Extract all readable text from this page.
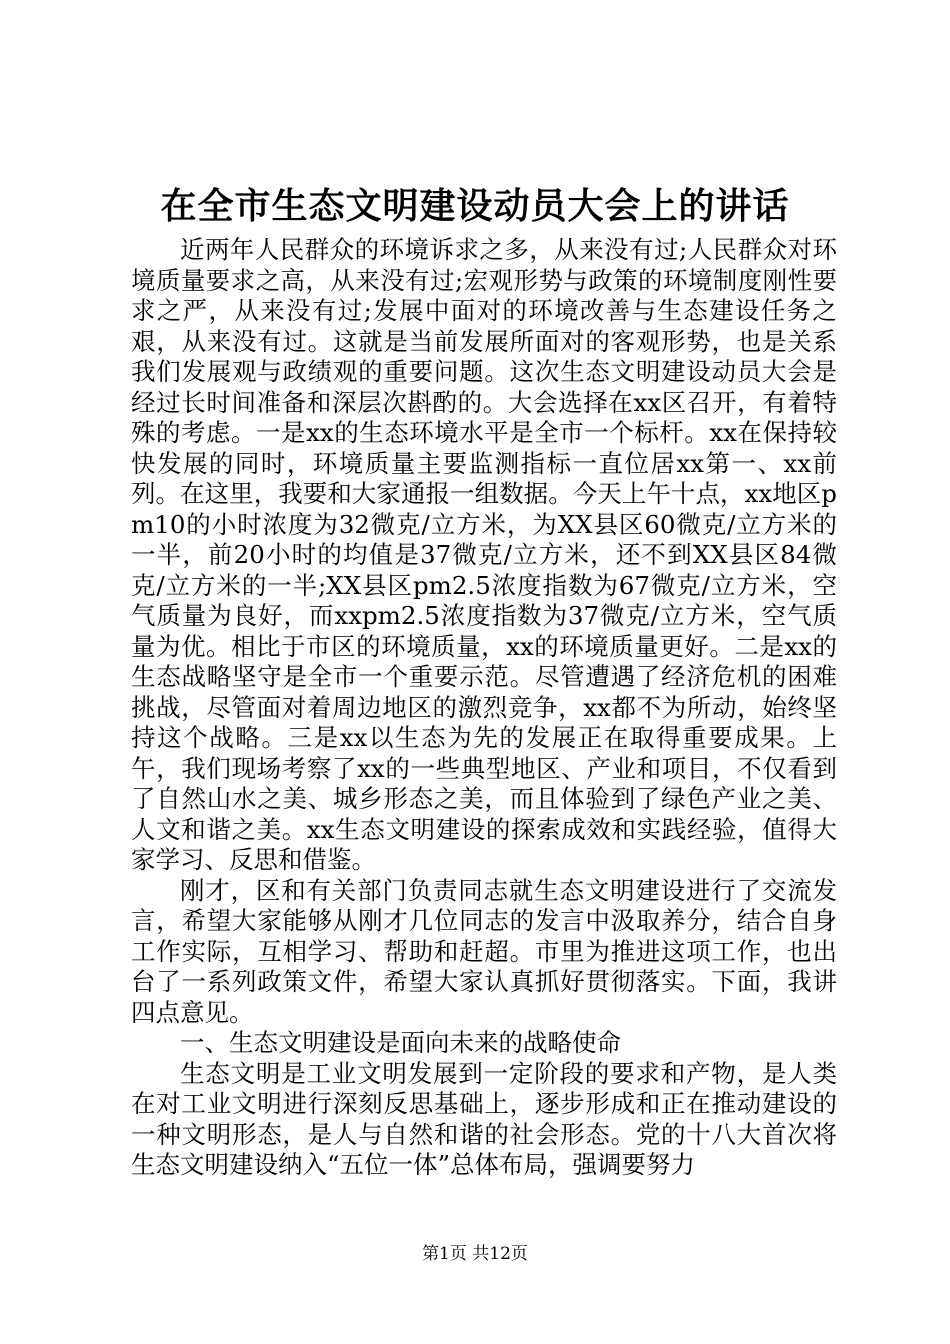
在全市生态文明建设动员大会上的讲话

近两年人民群众的环境诉求之多，从来没有过;人民群众对环境质量要求之高，从来没有过;宏观形势与政策的环境制度刚性要求之严，从来没有过;发展中面对的环境改善与生态建设任务之艰，从来没有过。这就是当前发展所面对的客观形势，也是关系我们发展观与政绩观的重要问题。这次生态文明建设动员大会是经过长时间准备和深层次斟酌的。大会选择在xx区召开，有着特殊的考虑。一是xx的生态环境水平是全市一个标杆。xx在保持较快发展的同时，环境质量主要监测指标一直位居xx第一、xx前列。在这里，我要和大家通报一组数据。今天上午十点，xx地区pm10的小时浓度为32微克/立方米，为XX县区60微克/立方米的一半，前20小时的均值是37微克/立方米，还不到XX县区84微克/立方米的一半;XX县区pm2.5浓度指数为67微克/立方米，空气质量为良好，而xxpm2.5浓度指数为37微克/立方米，空气质量为优。相比于市区的环境质量，xx的环境质量更好。二是xx的生态战略坚守是全市一个重要示范。尽管遭遇了经济危机的困难挑战，尽管面对着周边地区的激烈竞争，xx都不为所动，始终坚持这个战略。三是xx以生态为先的发展正在取得重要成果。上午，我们现场考察了xx的一些典型地区、产业和项目，不仅看到了自然山水之美、城乡形态之美，而且体验到了绿色产业之美、人文和谐之美。xx生态文明建设的探索成效和实践经验，值得大家学习、反思和借鉴。

刚才，区和有关部门负责同志就生态文明建设进行了交流发言，希望大家能够从刚才几位同志的发言中汲取养分，结合自身工作实际，互相学习、帮助和赶超。市里为推进这项工作，也出台了一系列政策文件，希望大家认真抓好贯彻落实。下面，我讲四点意见。

一、生态文明建设是面向未来的战略使命

生态文明是工业文明发展到一定阶段的要求和产物，是人类在对工业文明进行深刻反思基础上，逐步形成和正在推动建设的一种文明形态，是人与自然和谐的社会形态。党的十八大首次将生态文明建设纳入“五位一体”总体布局，强调要努力

第1页 共12页
